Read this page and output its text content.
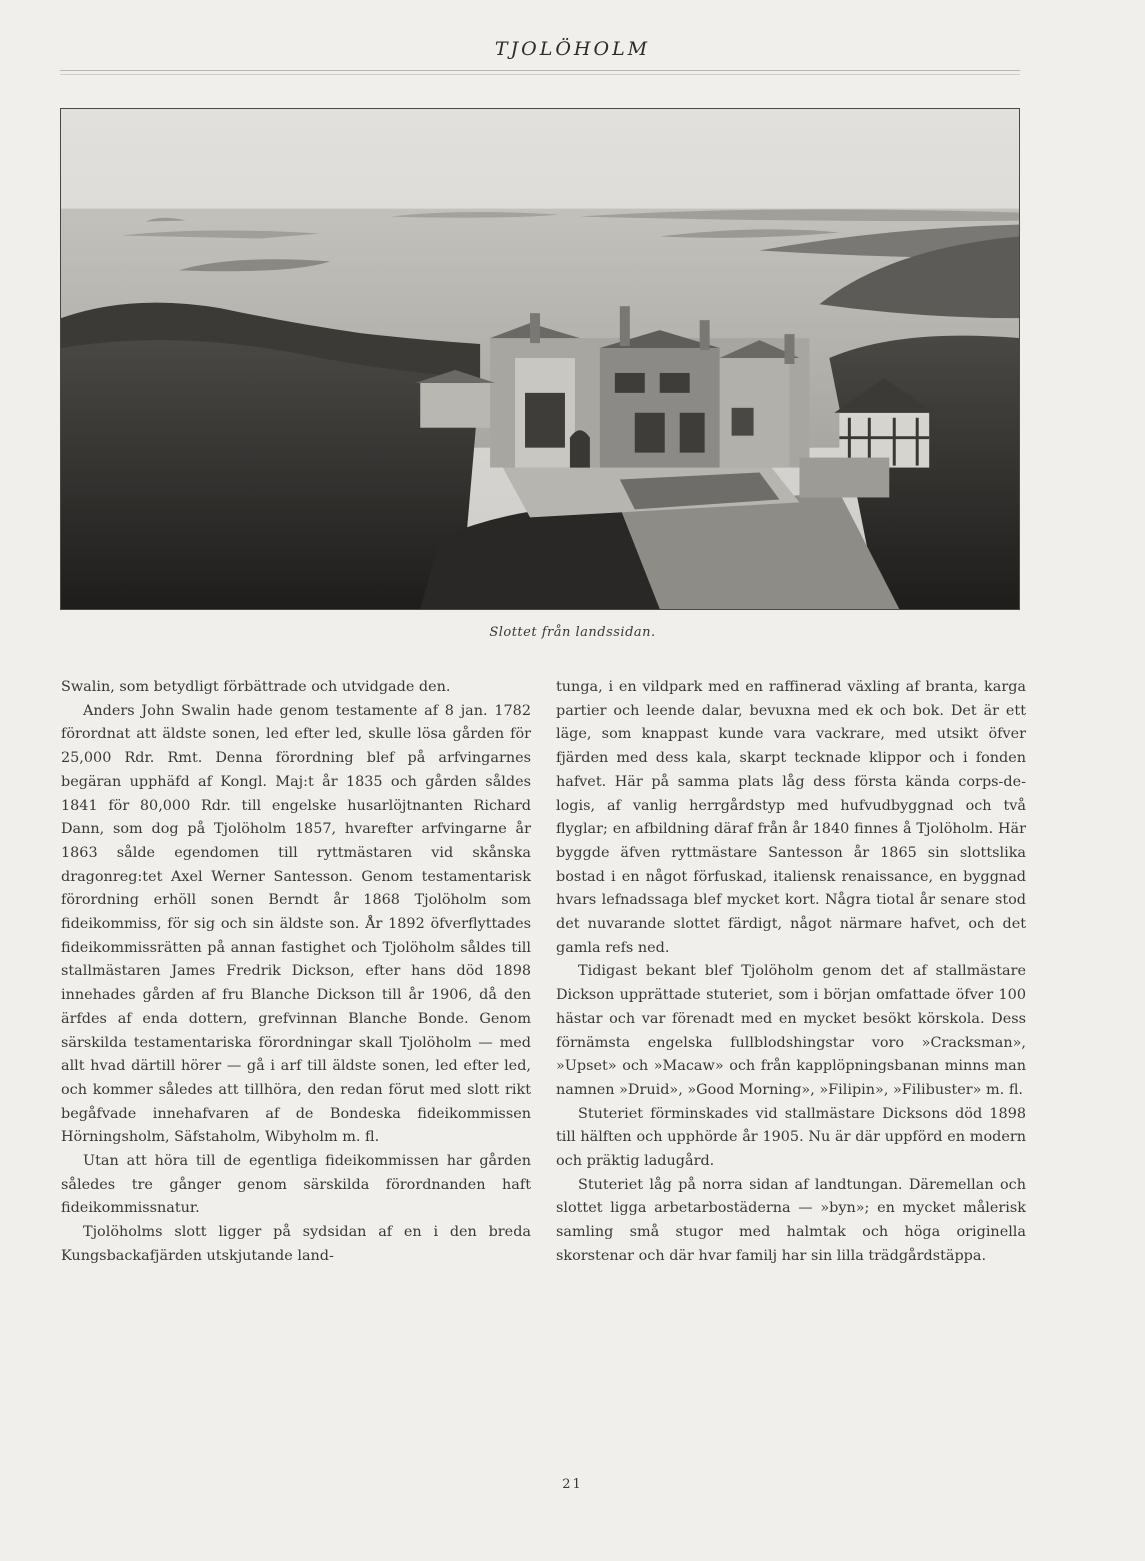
TJOLÖHOLM
Slottet från landssidan.

Swalin, som betydligt förbättrade och utvidgade den.

Anders John Swalin hade genom testamente af 8 jan. 1782 förordnat att äldste sonen, led efter led, skulle lösa gården för 25,000 Rdr. Rmt. Denna förordning blef på arfvingarnes begäran upphäfd af Kongl. Maj:t år 1835 och gården såldes 1841 för 80,000 Rdr. till engelske husarlöjtnanten Richard Dann, som dog på Tjolöholm 1857, hvarefter arfvingarne år 1863 sålde egendomen till ryttmästaren vid skånska dragonreg:tet Axel Werner Santesson. Genom testamentarisk förordning erhöll sonen Berndt år 1868 Tjolöholm som fideikommiss, för sig och sin äldste son. År 1892 öfverflyttades fideikommissrätten på annan fastighet och Tjolöholm såldes till stallmästaren James Fredrik Dickson, efter hans död 1898 innehades gården af fru Blanche Dickson till år 1906, då den ärfdes af enda dottern, grefvinnan Blanche Bonde. Genom särskilda testamentariska förordningar skall Tjolöholm — med allt hvad därtill hörer — gå i arf till äldste sonen, led efter led, och kommer således att tillhöra, den redan förut med slott rikt begåfvade innehafvaren af de Bondeska fideikommissen Hörningsholm, Säfstaholm, Wibyholm m. fl.

Utan att höra till de egentliga fideikommissen har gården således tre gånger genom särskilda förordnanden haft fideikommissnatur.

Tjolöholms slott ligger på sydsidan af en i den breda Kungsbackafjärden utskjutande land-

tunga, i en vildpark med en raffinerad växling af branta, karga partier och leende dalar, bevuxna med ek och bok. Det är ett läge, som knappast kunde vara vackrare, med utsikt öfver fjärden med dess kala, skarpt tecknade klippor och i fonden hafvet. Här på samma plats låg dess första kända corps-de-logis, af vanlig herrgårdstyp med hufvudbyggnad och två flyglar; en afbildning däraf från år 1840 finnes å Tjolöholm. Här byggde äfven ryttmästare Santesson år 1865 sin slottslika bostad i en något förfuskad, italiensk renaissance, en byggnad hvars lefnadssaga blef mycket kort. Några tiotal år senare stod det nuvarande slottet färdigt, något närmare hafvet, och det gamla refs ned.

Tidigast bekant blef Tjolöholm genom det af stallmästare Dickson upprättade stuteriet, som i början omfattade öfver 100 hästar och var förenadt med en mycket besökt körskola. Dess förnämsta engelska fullblodshingstar voro »Cracksman», »Upset» och »Macaw» och från kapplöpningsbanan minns man namnen »Druid», »Good Morning», »Filipin», »Filibuster» m. fl.

Stuteriet förminskades vid stallmästare Dicksons död 1898 till hälften och upphörde år 1905. Nu är där uppförd en modern och präktig ladugård.

Stuteriet låg på norra sidan af landtungan. Däremellan och slottet ligga arbetarbostäderna — »byn»; en mycket målerisk samling små stugor med halmtak och höga originella skorstenar och där hvar familj har sin lilla trädgårdstäppa.

21
